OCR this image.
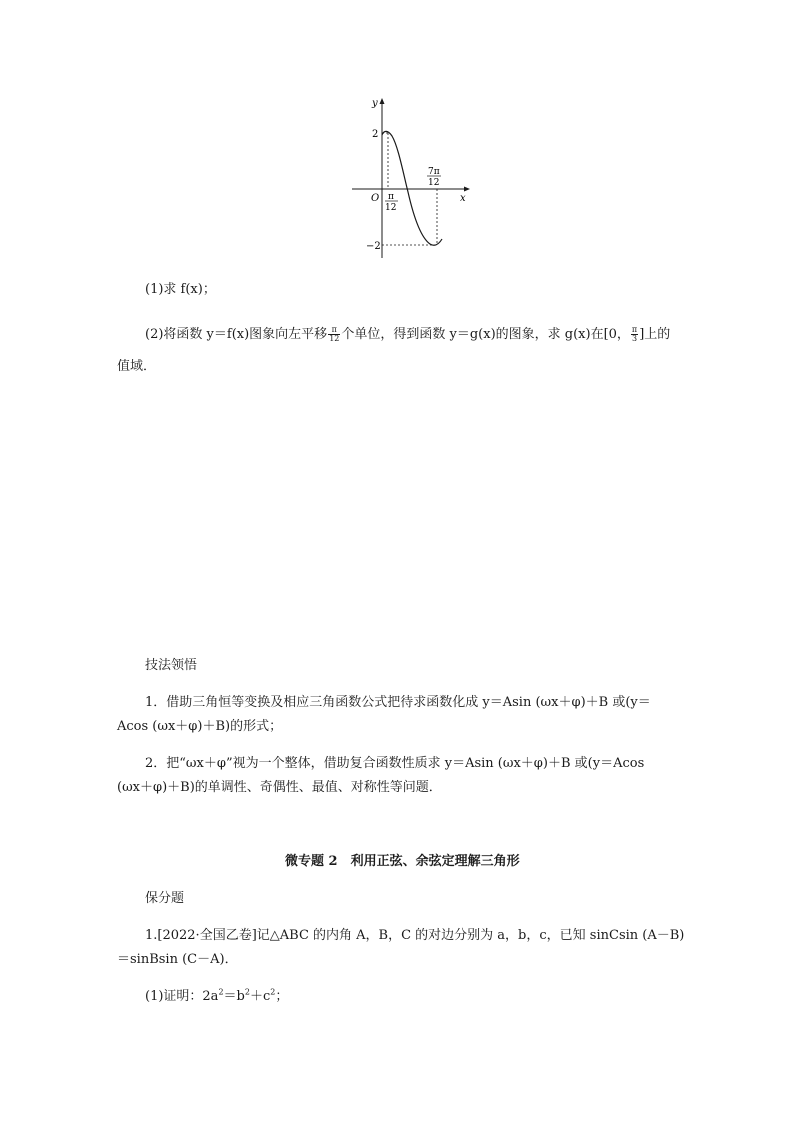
y
x
O
2
−2
π
12
7π
12
(1)求 f(x)；
(2)将函数 y＝f(x)图象向左平移 $\frac{\pi}{12}$ 个单位，得到函数 y＝g(x)的图象，求 g(x)在[0， $\frac{\pi}{3}$ ]上的
值域．
技法领悟
1．借助三角恒等变换及相应三角函数公式把待求函数化成 y＝Asin (ωx＋φ)＋B 或(y＝
Acos (ωx＋φ)＋B)的形式；
2．把“ωx＋φ”视为一个整体，借助复合函数性质求 y＝Asin (ωx＋φ)＋B 或(y＝Acos
(ωx＋φ)＋B)的单调性、奇偶性、最值、对称性等问题．
微专题 2　利用正弦、余弦定理解三角形
保分题
1.[2022·全国乙卷]记△ABC 的内角 A，B，C 的对边分别为 a，b，c，已知 sinCsin (A－B)
＝sinBsin (C－A)．
(1)证明：$2a^2=b^2+c^2$；
